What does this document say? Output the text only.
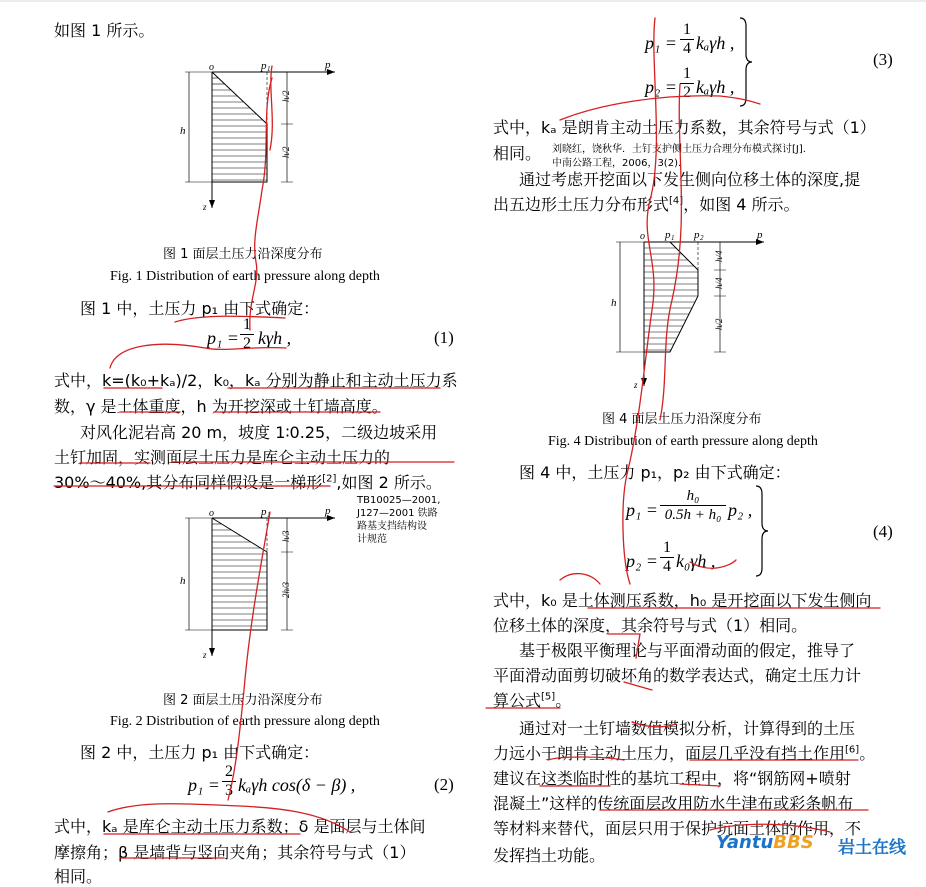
如图 1 所示。
o	p 1	p
z
h
h/2
h/2
图 1 面层土压力沿深度分布
Fig. 1 Distribution of earth pressure along depth
图 1 中，土压力 p₁ 由下式确定：
p₁ =
1
2 kγh ,	(1)
式中，k=(k₀+kₐ)/2，k₀，kₐ 分别为静止和主动土压力系
数，γ 是土体重度，h 为开挖深或土钉墙高度。
对风化泥岩高 20 m，坡度 1∶0.25，二级边坡采用
土钉加固，实测面层土压力是库仑主动土压力的
30%～40%,其分布同样假设是一梯形[2],如图 2 所示。
TB10025—2001,
J127—2001 铁路
路基支挡结构设
计规范
o	p 1	p
z
h
h/3
2h/3
图 2 面层土压力沿深度分布
Fig. 2 Distribution of earth pressure along depth
图 2 中，土压力 p₁ 由下式确定：
p₁ =
2
3 kₐγh cos(δ − β) ,	(2)
式中，kₐ 是库仑主动土压力系数；δ 是面层与土体间
摩擦角；β 是墙背与竖向夹角；其余符号与式（1）
相同。
p₁ =
1
4 kₐγh ,
p₂ =
1
2 kₐγh ,
(3)
式中，kₐ 是朗肯主动土压力系数，其余符号与式（1）
相同。 刘晓红，饶秋华．土钉支护侧土压力合理分布模式探讨[J].
中南公路工程，2006，3(2).
通过考虑开挖面以下发生侧向位移土体的深度,提
出五边形土压力分布形式[4]，如图 4 所示。
o p 1 p 2	p
z
h
h/4
h/4
h/2
图 4 面层土压力沿深度分布
Fig. 4 Distribution of earth pressure along depth
图 4 中，土压力 p₁，p₂ 由下式确定：
p₁ =
h₀
0.5h + h₀ p₂ ,
p₂ =
1
4 k₀γh ,
(4)
式中，k₀ 是土体测压系数，h₀ 是开挖面以下发生侧向
位移土体的深度，其余符号与式（1）相同。
基于极限平衡理论与平面滑动面的假定，推导了
平面滑动面剪切破坏角的数学表达式，确定土压力计
算公式[5]。
通过对一土钉墙数值模拟分析，计算得到的土压
力远小于朗肯主动土压力，面层几乎没有挡土作用[6]。
建议在这类临时性的基坑工程中，将“钢筋网+喷射
混凝土”这样的传统面层改用防水牛津布或彩条帆布
等材料来替代，面层只用于保护坑面土体的作用，不
发挥挡土功能。
YantuBBS 岩土在线
